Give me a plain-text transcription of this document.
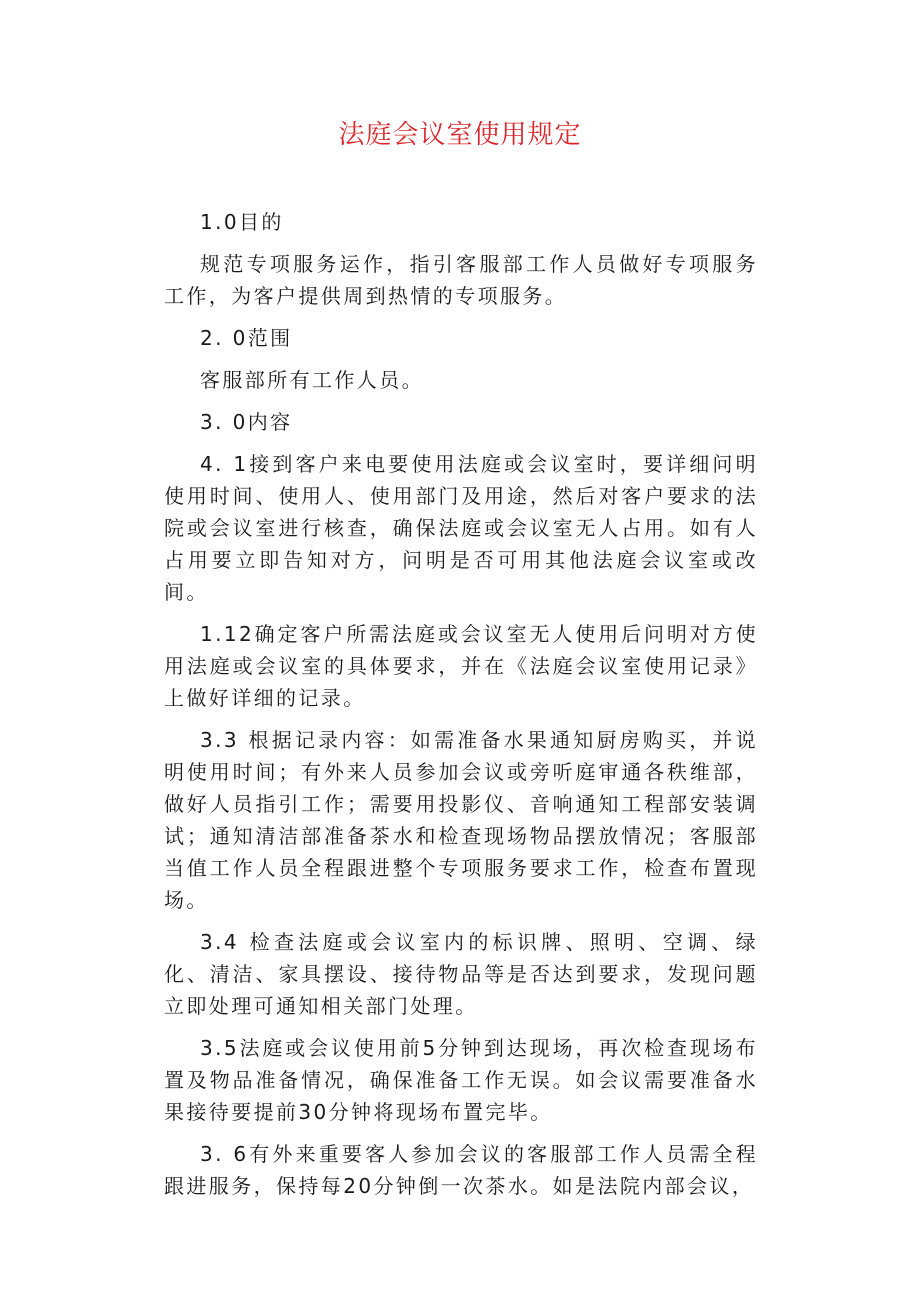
法庭会议室使用规定

1.0目的

规范专项服务运作，指引客服部工作人员做好专项服务工作，为客户提供周到热情的专项服务。

2. 0范围

客服部所有工作人员。

3. 0内容

4. 1接到客户来电要使用法庭或会议室时，要详细问明使用时间、使用人、使用部门及用途，然后对客户要求的法院或会议室进行核查，确保法庭或会议室无人占用。如有人占用要立即告知对方，问明是否可用其他法庭会议室或改间。

1.12确定客户所需法庭或会议室无人使用后问明对方使用法庭或会议室的具体要求，并在《法庭会议室使用记录》上做好详细的记录。

3.3 根据记录内容：如需准备水果通知厨房购买，并说明使用时间；有外来人员参加会议或旁听庭审通各秩维部，做好人员指引工作；需要用投影仪、音响通知工程部安装调试；通知清洁部准备茶水和检查现场物品摆放情况；客服部当值工作人员全程跟进整个专项服务要求工作，检查布置现场。

3.4 检查法庭或会议室内的标识牌、照明、空调、绿化、清洁、家具摆设、接待物品等是否达到要求，发现问题立即处理可通知相关部门处理。

3.5法庭或会议使用前5分钟到达现场，再次检查现场布置及物品准备情况，确保准备工作无误。如会议需要准备水果接待要提前30分钟将现场布置完毕。

3. 6有外来重要客人参加会议的客服部工作人员需全程跟进服务，保持每20分钟倒一次茶水。如是法院内部会议，
